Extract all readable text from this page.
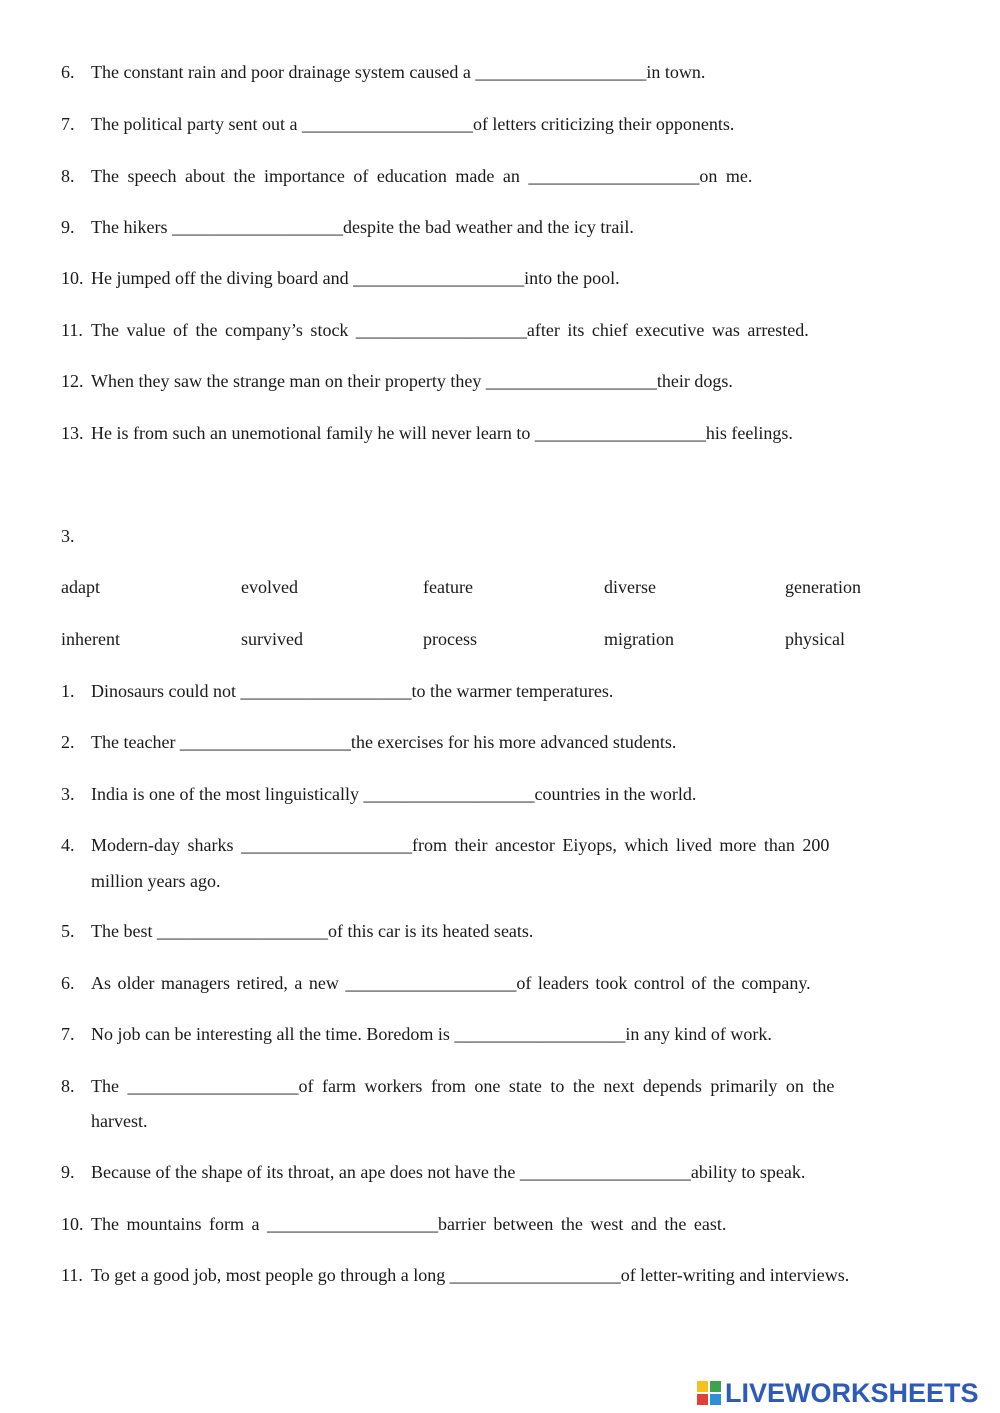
6. The constant rain and poor drainage system caused a ___________________in town.
7. The political party sent out a ___________________of letters criticizing their opponents.
8. The speech about the importance of education made an ___________________on me.
9. The hikers ___________________despite the bad weather and the icy trail.
10. He jumped off the diving board and ___________________into the pool.
11. The value of the company’s stock ___________________after its chief executive was arrested.
12. When they saw the strange man on their property they ___________________their dogs.
13. He is from such an unemotional family he will never learn to ___________________his feelings.
3.
adapt	evolved	feature	diverse	generation
inherent	survived	process	migration	physical
1. Dinosaurs could not ___________________to the warmer temperatures.
2. The teacher ___________________the exercises for his more advanced students.
3. India is one of the most linguistically ___________________countries in the world.
4. Modern-day sharks ___________________from their ancestor Eiyops, which lived more than 200
million years ago.
5. The best ___________________of this car is its heated seats.
6. As older managers retired, a new ___________________of leaders took control of the company.
7. No job can be interesting all the time. Boredom is ___________________in any kind of work.
8. The ___________________of farm workers from one state to the next depends primarily on the
harvest.
9. Because of the shape of its throat, an ape does not have the ___________________ability to speak.
10. The mountains form a ___________________barrier between the west and the east.
11. To get a good job, most people go through a long ___________________of letter-writing and interviews.
LIVEWORKSHEETS
